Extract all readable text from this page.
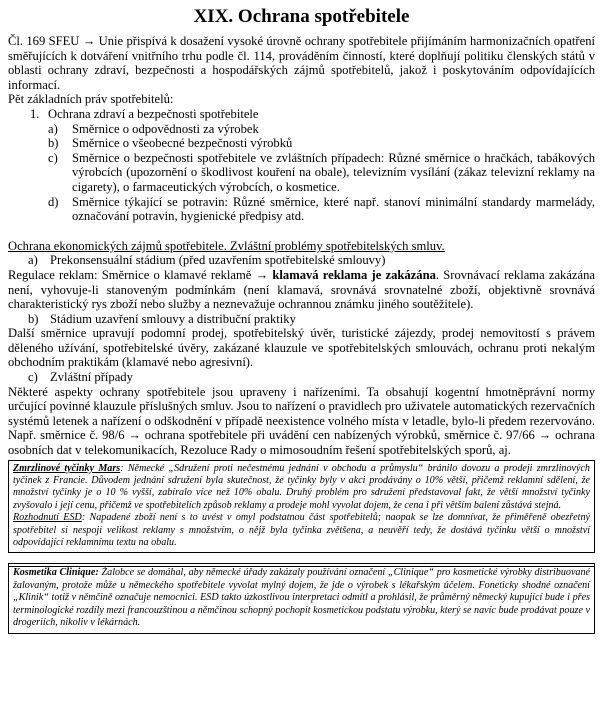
XIX. Ochrana spotřebitele

Čl. 169 SFEU → Unie přispívá k dosažení vysoké úrovně ochrany spotřebitele přijímáním harmonizačních opatření směřujících k dotváření vnitřního trhu podle čl. 114, prováděním činností, které doplňují politiku členských států v oblasti ochrany zdraví, bezpečnosti a hospodářských zájmů spotřebitelů, jakož i poskytováním odpovídajících informací.

Pět základních práv spotřebitelů:

1. Ochrana zdraví a bezpečnosti spotřebitele
a) Směrnice o odpovědnosti za výrobek
b) Směrnice o všeobecné bezpečnosti výrobků
c) Směrnice o bezpečnosti spotřebitele ve zvláštních případech: Různé směrnice o hračkách, tabákových výrobcích (upozornění o škodlivost kouření na obale), televizním vysílání (zákaz televizní reklamy na cigarety), o farmaceutických výrobcích, o kosmetice.
d) Směrnice týkající se potravin: Různé směrnice, které např. stanoví minimální standardy marmelády, označování potravin, hygienické předpisy atd.

Ochrana ekonomických zájmů spotřebitele. Zvláštní problémy spotřebitelských smluv.

a) Prekonsensuální stádium (před uzavřením spotřebitelské smlouvy)

Regulace reklam: Směrnice o klamavé reklamě → klamavá reklama je zakázána. Srovnávací reklama zakázána není, vyhovuje-li stanoveným podmínkám (není klamavá, srovnává srovnatelné zboží, objektivně srovnává charakteristický rys zboží nebo služby a neznevažuje ochrannou známku jiného soutěžitele).

b) Stádium uzavření smlouvy a distribuční praktiky

Další směrnice upravují podomní prodej, spotřebitelský úvěr, turistické zájezdy, prodej nemovitostí s právem děleného užívání, spotřebitelské úvěry, zakázané klauzule ve spotřebitelských smlouvách, ochranu proti nekalým obchodním praktikám (klamavé nebo agresivní).

c) Zvláštní případy

Některé aspekty ochrany spotřebitele jsou upraveny i nařízeními. Ta obsahují kogentní hmotněprávní normy určující povinné klauzule příslušných smluv. Jsou to nařízení o pravidlech pro uživatele automatických rezervačních systémů letenek a nařízení o odškodnění v případě neexistence volného místa v letadle, bylo-li předem rezervováno. Např. směrnice č. 98/6 → ochrana spotřebitele při uvádění cen nabízených výrobků, směrnice č. 97/66 → ochrana osobních dat v telekomunikacích, Rezoluce Rady o mimosoudním řešení spotřebitelských sporů, aj.

Zmrzlinové tyčinky Mars: Německé „Sdružení proti nečestnému jednání v obchodu a průmyslu“ bránilo dovozu a prodeji zmrzlinových tyčinek z Francie. Důvodem jednání sdružení byla skutečnost, že tyčinky byly v akci prodávány o 10% větší, přičemž reklamní sdělení, že množství tyčinky je o 10 % vyšší, zabíralo více než 10% obalu. Druhý problém pro sdružení představoval fakt, že větší množství tyčinky zvyšovalo i její cenu, přičemž ve spotřebitelích způsob reklamy a prodeje mohl vyvolat dojem, že cena i při větším balení zůstává stejná.

Rozhodnutí ESD: Napadené zboží není s to uvést v omyl podstatnou část spotřebitelů; naopak se lze domnívat, že přiměřeně obezřetný spotřebitel si nespojí velikost reklamy s množstvím, o nějž byla tyčinka zvětšena, a neuvěří tedy, že dostává tyčinku větší o množství odpovídající reklamnímu textu na obalu.

Kosmetika Clinique: Žalobce se domáhal, aby německé úřady zakázaly používání označení „Clinique“ pro kosmetické výrobky distribuované žalovaným, protože může u německého spotřebitele vyvolat mylný dojem, že jde o výrobek s lékařským účelem. Foneticky shodné označení „Klinik“ totiž v němčině označuje nemocnici. ESD takto úzkostlivou interpretaci odmítl a prohlásil, že průměrný německý kupující bude i přes terminologické rozdíly mezi francouzštinou a němčinou schopný pochopit kosmetickou podstatu výrobku, který se navíc bude prodávat pouze v drogeriích, nikoliv v lékárnách.
